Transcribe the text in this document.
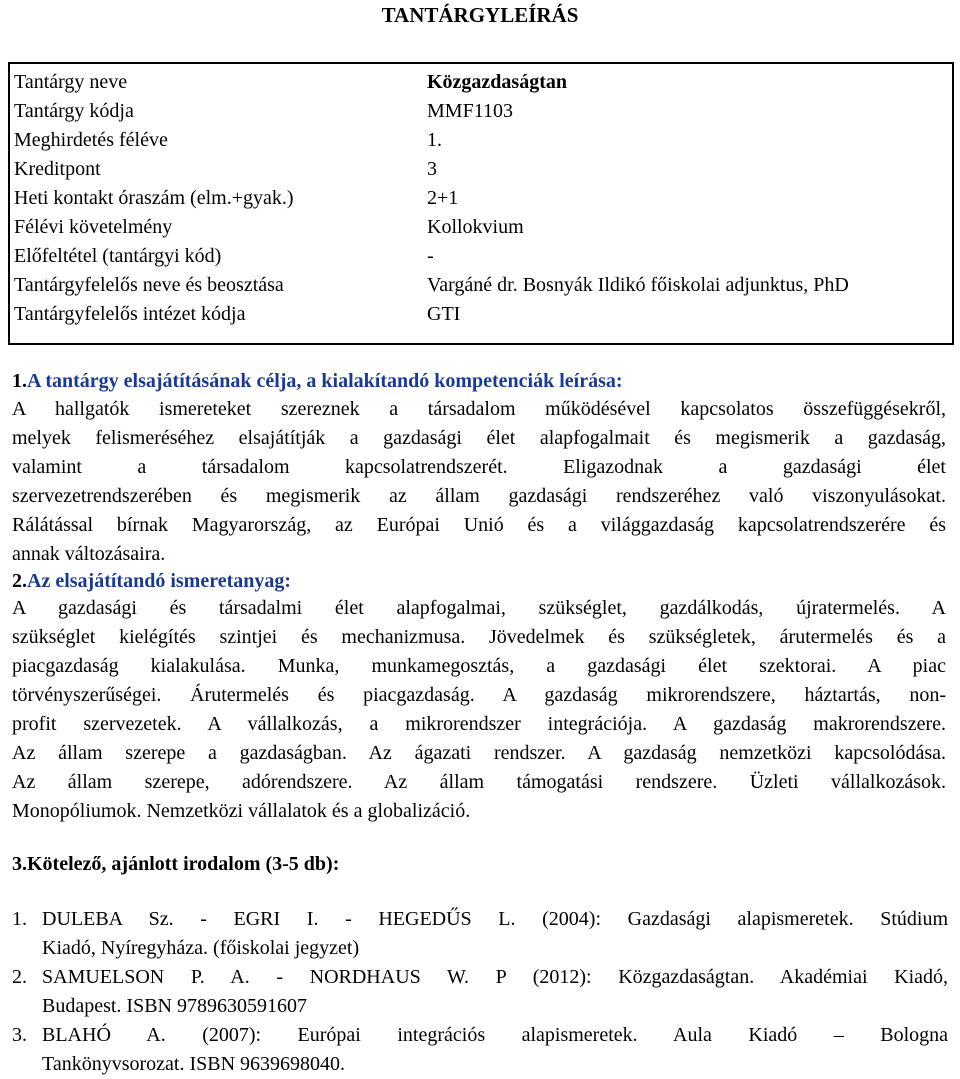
TANTÁRGYLEÍRÁS
Tantárgy neve	Közgazdaságtan
Tantárgy kódja	MMF1103
Meghirdetés féléve	1.
Kreditpont	3
Heti kontakt óraszám (elm.+gyak.)	2+1
Félévi követelmény	Kollokvium
Előfeltétel (tantárgyi kód)	-
Tantárgyfelelős neve és beosztása	Vargáné dr. Bosnyák Ildikó főiskolai adjunktus, PhD
Tantárgyfelelős intézet kódja	GTI
1.A tantárgy elsajátításának célja, a kialakítandó kompetenciák leírása:
A hallgatók ismereteket szereznek a társadalom működésével kapcsolatos összefüggésekről,
melyek felismeréséhez elsajátítják a gazdasági élet alapfogalmait és megismerik a gazdaság,
valamint a társadalom kapcsolatrendszerét. Eligazodnak a gazdasági élet
szervezetrendszerében és megismerik az állam gazdasági rendszeréhez való viszonyulásokat.
Rálátással bírnak Magyarország, az Európai Unió és a világgazdaság kapcsolatrendszerére és
annak változásaira.
2.Az elsajátítandó ismeretanyag:
A gazdasági és társadalmi élet alapfogalmai, szükséglet, gazdálkodás, újratermelés. A
szükséglet kielégítés szintjei és mechanizmusa. Jövedelmek és szükségletek, árutermelés és a
piacgazdaság kialakulása. Munka, munkamegosztás, a gazdasági élet szektorai. A piac
törvényszerűségei. Árutermelés és piacgazdaság. A gazdaság mikrorendszere, háztartás, non-
profit szervezetek. A vállalkozás, a mikrorendszer integrációja. A gazdaság makrorendszere.
Az állam szerepe a gazdaságban. Az ágazati rendszer. A gazdaság nemzetközi kapcsolódása.
Az állam szerepe, adórendszere. Az állam támogatási rendszere. Üzleti vállalkozások.
Monopóliumok. Nemzetközi vállalatok és a globalizáció.
3.Kötelező, ajánlott irodalom (3-5 db):
1. DULEBA Sz. - EGRI I. - HEGEDŰS L. (2004): Gazdasági alapismeretek. Stúdium
Kiadó, Nyíregyháza. (főiskolai jegyzet)
2. SAMUELSON P. A. - NORDHAUS W. P (2012): Közgazdaságtan. Akadémiai Kiadó,
Budapest. ISBN 9789630591607
3. BLAHÓ A. (2007): Európai integrációs alapismeretek. Aula Kiadó – Bologna
Tankönyvsorozat. ISBN 9639698040.
